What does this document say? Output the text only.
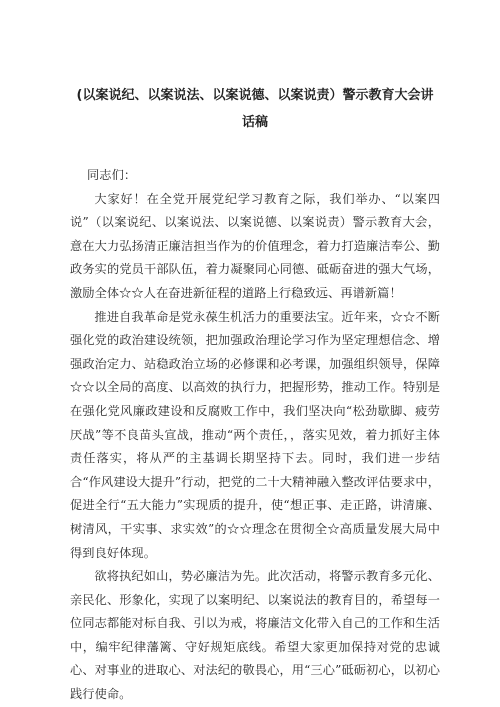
(以案说纪、以案说法、以案说德、以案说责）警示教育大会讲
话稿

同志们：

大家好！在全党开展党纪学习教育之际，我们举办、“以案四说”（以案说纪、以案说法、以案说德、以案说责）警示教育大会，意在大力弘扬清正廉洁担当作为的价值理念，着力打造廉洁奉公、勤政务实的党员干部队伍，着力凝聚同心同德、砥砺奋进的强大气场，激励全体☆☆人在奋进新征程的道路上行稳致远、再谱新篇！

推进自我革命是党永葆生机活力的重要法宝。近年来，☆☆不断强化党的政治建设统领，把加强政治理论学习作为坚定理想信念、增强政治定力、站稳政治立场的必修课和必考课，加强组织领导，保障☆☆以全局的高度、以高效的执行力，把握形势，推动工作。特别是在强化党风廉政建设和反腐败工作中，我们坚决向“松劲歇脚、疲劳厌战”等不良苗头宣战，推动“两个责任，，落实见效，着力抓好主体责任落实，将从严的主基调长期坚持下去。同时，我们进一步结合“作风建设大提升”行动，把党的二十大精神融入整改评估要求中，促进全行“五大能力”实现质的提升，使“想正事、走正路，讲清廉、树清风，干实事、求实效”的☆☆理念在贯彻全☆高质量发展大局中得到良好体现。

欲将执纪如山，势必廉洁为先。此次活动，将警示教育多元化、亲民化、形象化，实现了以案明纪、以案说法的教育目的，希望每一位同志都能对标自我、引以为戒，将廉洁文化带入自己的工作和生活中，编牢纪律藩篱、守好规矩底线。希望大家更加保持对党的忠诚心、对事业的进取心、对法纪的敬畏心，用“三心”砥砺初心，以初心践行使命。
